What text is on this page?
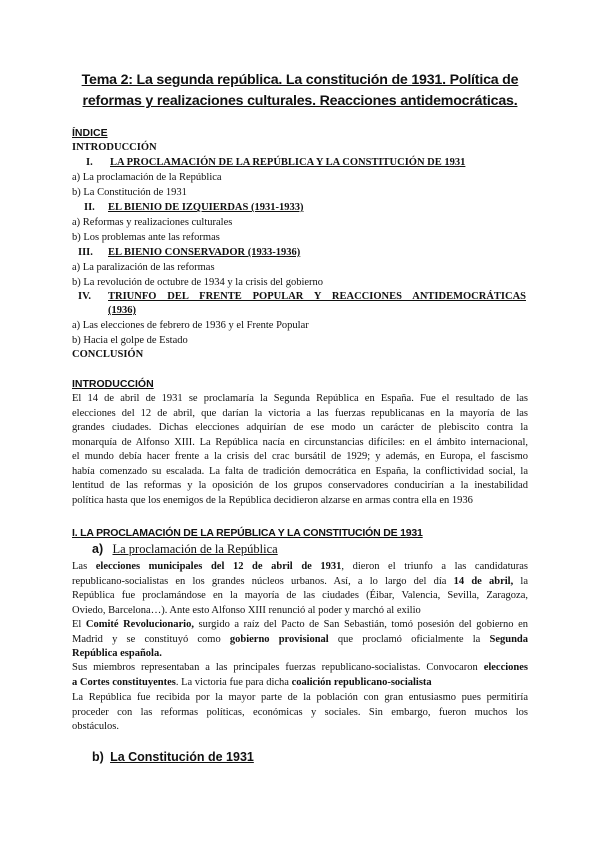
Tema 2: La segunda república. La constitución de 1931. Política de
reformas y realizaciones culturales. Reacciones antidemocráticas.
ÍNDICE
INTRODUCCIÓN
I. LA PROCLAMACIÓN DE LA REPÚBLICA Y LA CONSTITUCIÓN DE 1931
a) La proclamación de la República
b) La Constitución de 1931
II. EL BIENIO DE IZQUIERDAS (1931-1933)
a) Reformas y realizaciones culturales
b) Los problemas ante las reformas
III. EL BIENIO CONSERVADOR (1933-1936)
a) La paralización de las reformas
b) La revolución de octubre de 1934 y la crisis del gobierno
IV. TRIUNFO DEL FRENTE POPULAR Y REACCIONES ANTIDEMOCRÁTICAS
(1936)
a) Las elecciones de febrero de 1936 y el Frente Popular
b) Hacia el golpe de Estado
CONCLUSIÓN
INTRODUCCIÓN
El 14 de abril de 1931 se proclamaría la Segunda República en España. Fue el resultado de las
elecciones del 12 de abril, que darían la victoria a las fuerzas republicanas en la mayoría de las
grandes ciudades. Dichas elecciones adquirían de ese modo un carácter de plebiscito contra la
monarquía de Alfonso XIII. La República nacía en circunstancias difíciles: en el ámbito internacional,
el mundo debía hacer frente a la crisis del crac bursátil de 1929; y además, en Europa, el fascismo
había comenzado su escalada. La falta de tradición democrática en España, la conflictividad social, la
lentitud de las reformas y la oposición de los grupos conservadores conducirían a la inestabilidad
política hasta que los enemigos de la República decidieron alzarse en armas contra ella en 1936
I. LA PROCLAMACIÓN DE LA REPÚBLICA Y LA CONSTITUCIÓN DE 1931
a) La proclamación de la República
Las elecciones municipales del 12 de abril de 1931, dieron el triunfo a las candidaturas
republicano-socialistas en los grandes núcleos urbanos. Así, a lo largo del día 14 de abril, la
República fue proclamándose en la mayoría de las ciudades (Éibar, Valencia, Sevilla, Zaragoza,
Oviedo, Barcelona…). Ante esto Alfonso XIII renunció al poder y marchó al exilio
El Comité Revolucionario, surgido a raíz del Pacto de San Sebastián, tomó posesión del gobierno en
Madrid y se constituyó como gobierno provisional que proclamó oficialmente la Segunda
República española.
Sus miembros representaban a las principales fuerzas republicano-socialistas. Convocaron elecciones
a Cortes constituyentes. La victoria fue para dicha coalición republicano-socialista
La República fue recibida por la mayor parte de la población con gran entusiasmo pues permitiría
proceder con las reformas políticas, económicas y sociales. Sin embargo, fueron muchos los
obstáculos.
b) La Constitución de 1931
